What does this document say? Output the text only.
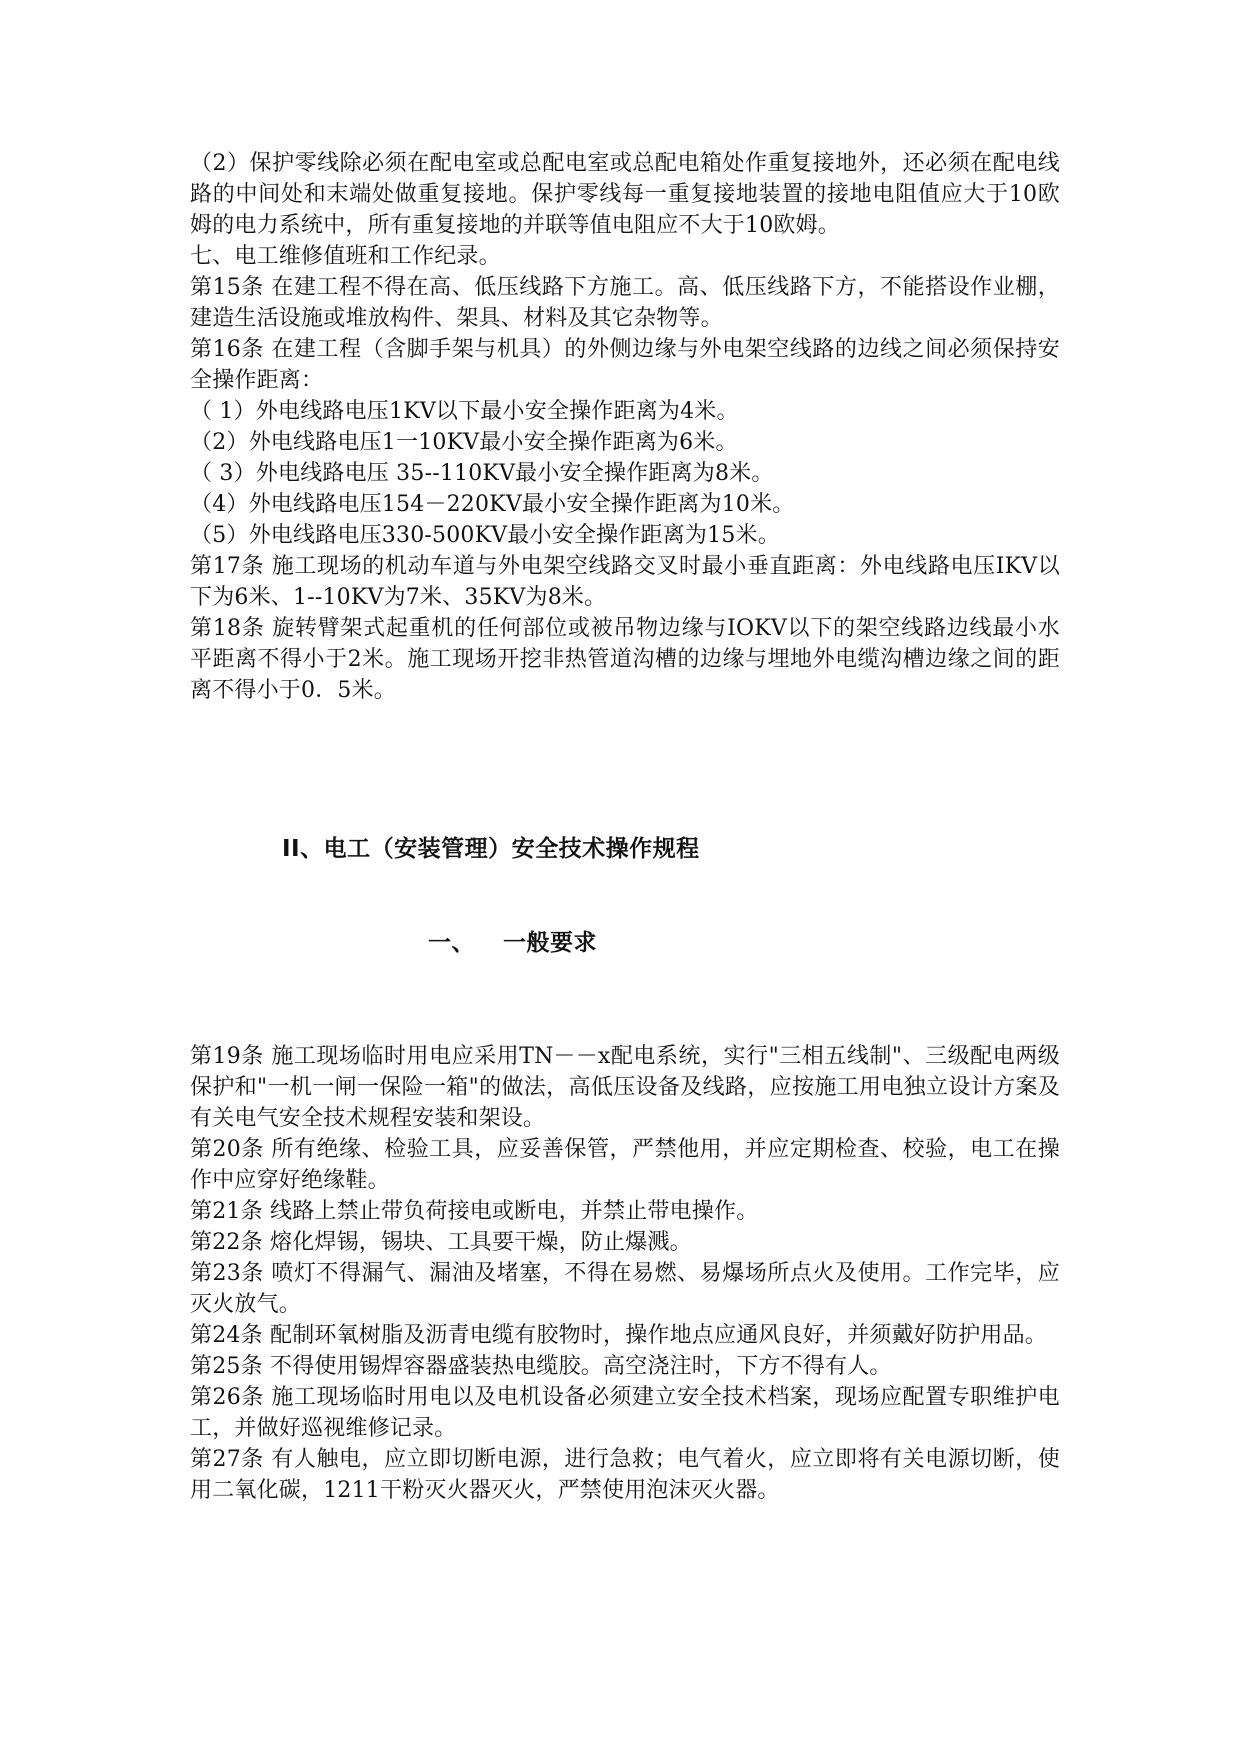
（2）保护零线除必须在配电室或总配电室或总配电箱处作重复接地外，还必须在配电线路的中间处和末端处做重复接地。保护零线每一重复接地装置的接地电阻值应大于10欧姆的电力系统中，所有重复接地的并联等值电阻应不大于10欧姆。

七、电工维修值班和工作纪录。

第15条 在建工程不得在高、低压线路下方施工。高、低压线路下方，不能搭设作业棚，建造生活设施或堆放构件、架具、材料及其它杂物等。

第16条 在建工程（含脚手架与机具）的外侧边缘与外电架空线路的边线之间必须保持安全操作距离：

（ 1）外电线路电压1KV以下最小安全操作距离为4米。

（2）外电线路电压1一10KV最小安全操作距离为6米。

（ 3）外电线路电压 35--110KV最小安全操作距离为8米。

（4）外电线路电压154－220KV最小安全操作距离为10米。

（5）外电线路电压330-500KV最小安全操作距离为15米。

第17条 施工现场的机动车道与外电架空线路交叉时最小垂直距离：外电线路电压IKV以下为6米、1--10KV为7米、35KV为8米。

第18条 旋转臂架式起重机的任何部位或被吊物边缘与IOKV以下的架空线路边线最小水平距离不得小于2米。施工现场开挖非热管道沟槽的边缘与埋地外电缆沟槽边缘之间的距离不得小于0．5米。

II、电工（安装管理）安全技术操作规程
一、 一般要求

第19条 施工现场临时用电应采用TN－－x配电系统，实行"三相五线制"、三级配电两级保护和"一机一闸一保险一箱"的做法，高低压设备及线路，应按施工用电独立设计方案及有关电气安全技术规程安装和架设。

第20条 所有绝缘、检验工具，应妥善保管，严禁他用，并应定期检查、校验，电工在操作中应穿好绝缘鞋。

第21条 线路上禁止带负荷接电或断电，并禁止带电操作。

第22条 熔化焊锡，锡块、工具要干燥，防止爆溅。

第23条 喷灯不得漏气、漏油及堵塞，不得在易燃、易爆场所点火及使用。工作完毕，应灭火放气。

第24条 配制环氧树脂及沥青电缆有胶物时，操作地点应通风良好，并须戴好防护用品。

第25条 不得使用锡焊容器盛装热电缆胶。高空浇注时，下方不得有人。

第26条 施工现场临时用电以及电机设备必须建立安全技术档案，现场应配置专职维护电工，并做好巡视维修记录。

第27条 有人触电，应立即切断电源，进行急救；电气着火，应立即将有关电源切断，使用二氧化碳，1211干粉灭火器灭火，严禁使用泡沫灭火器。
